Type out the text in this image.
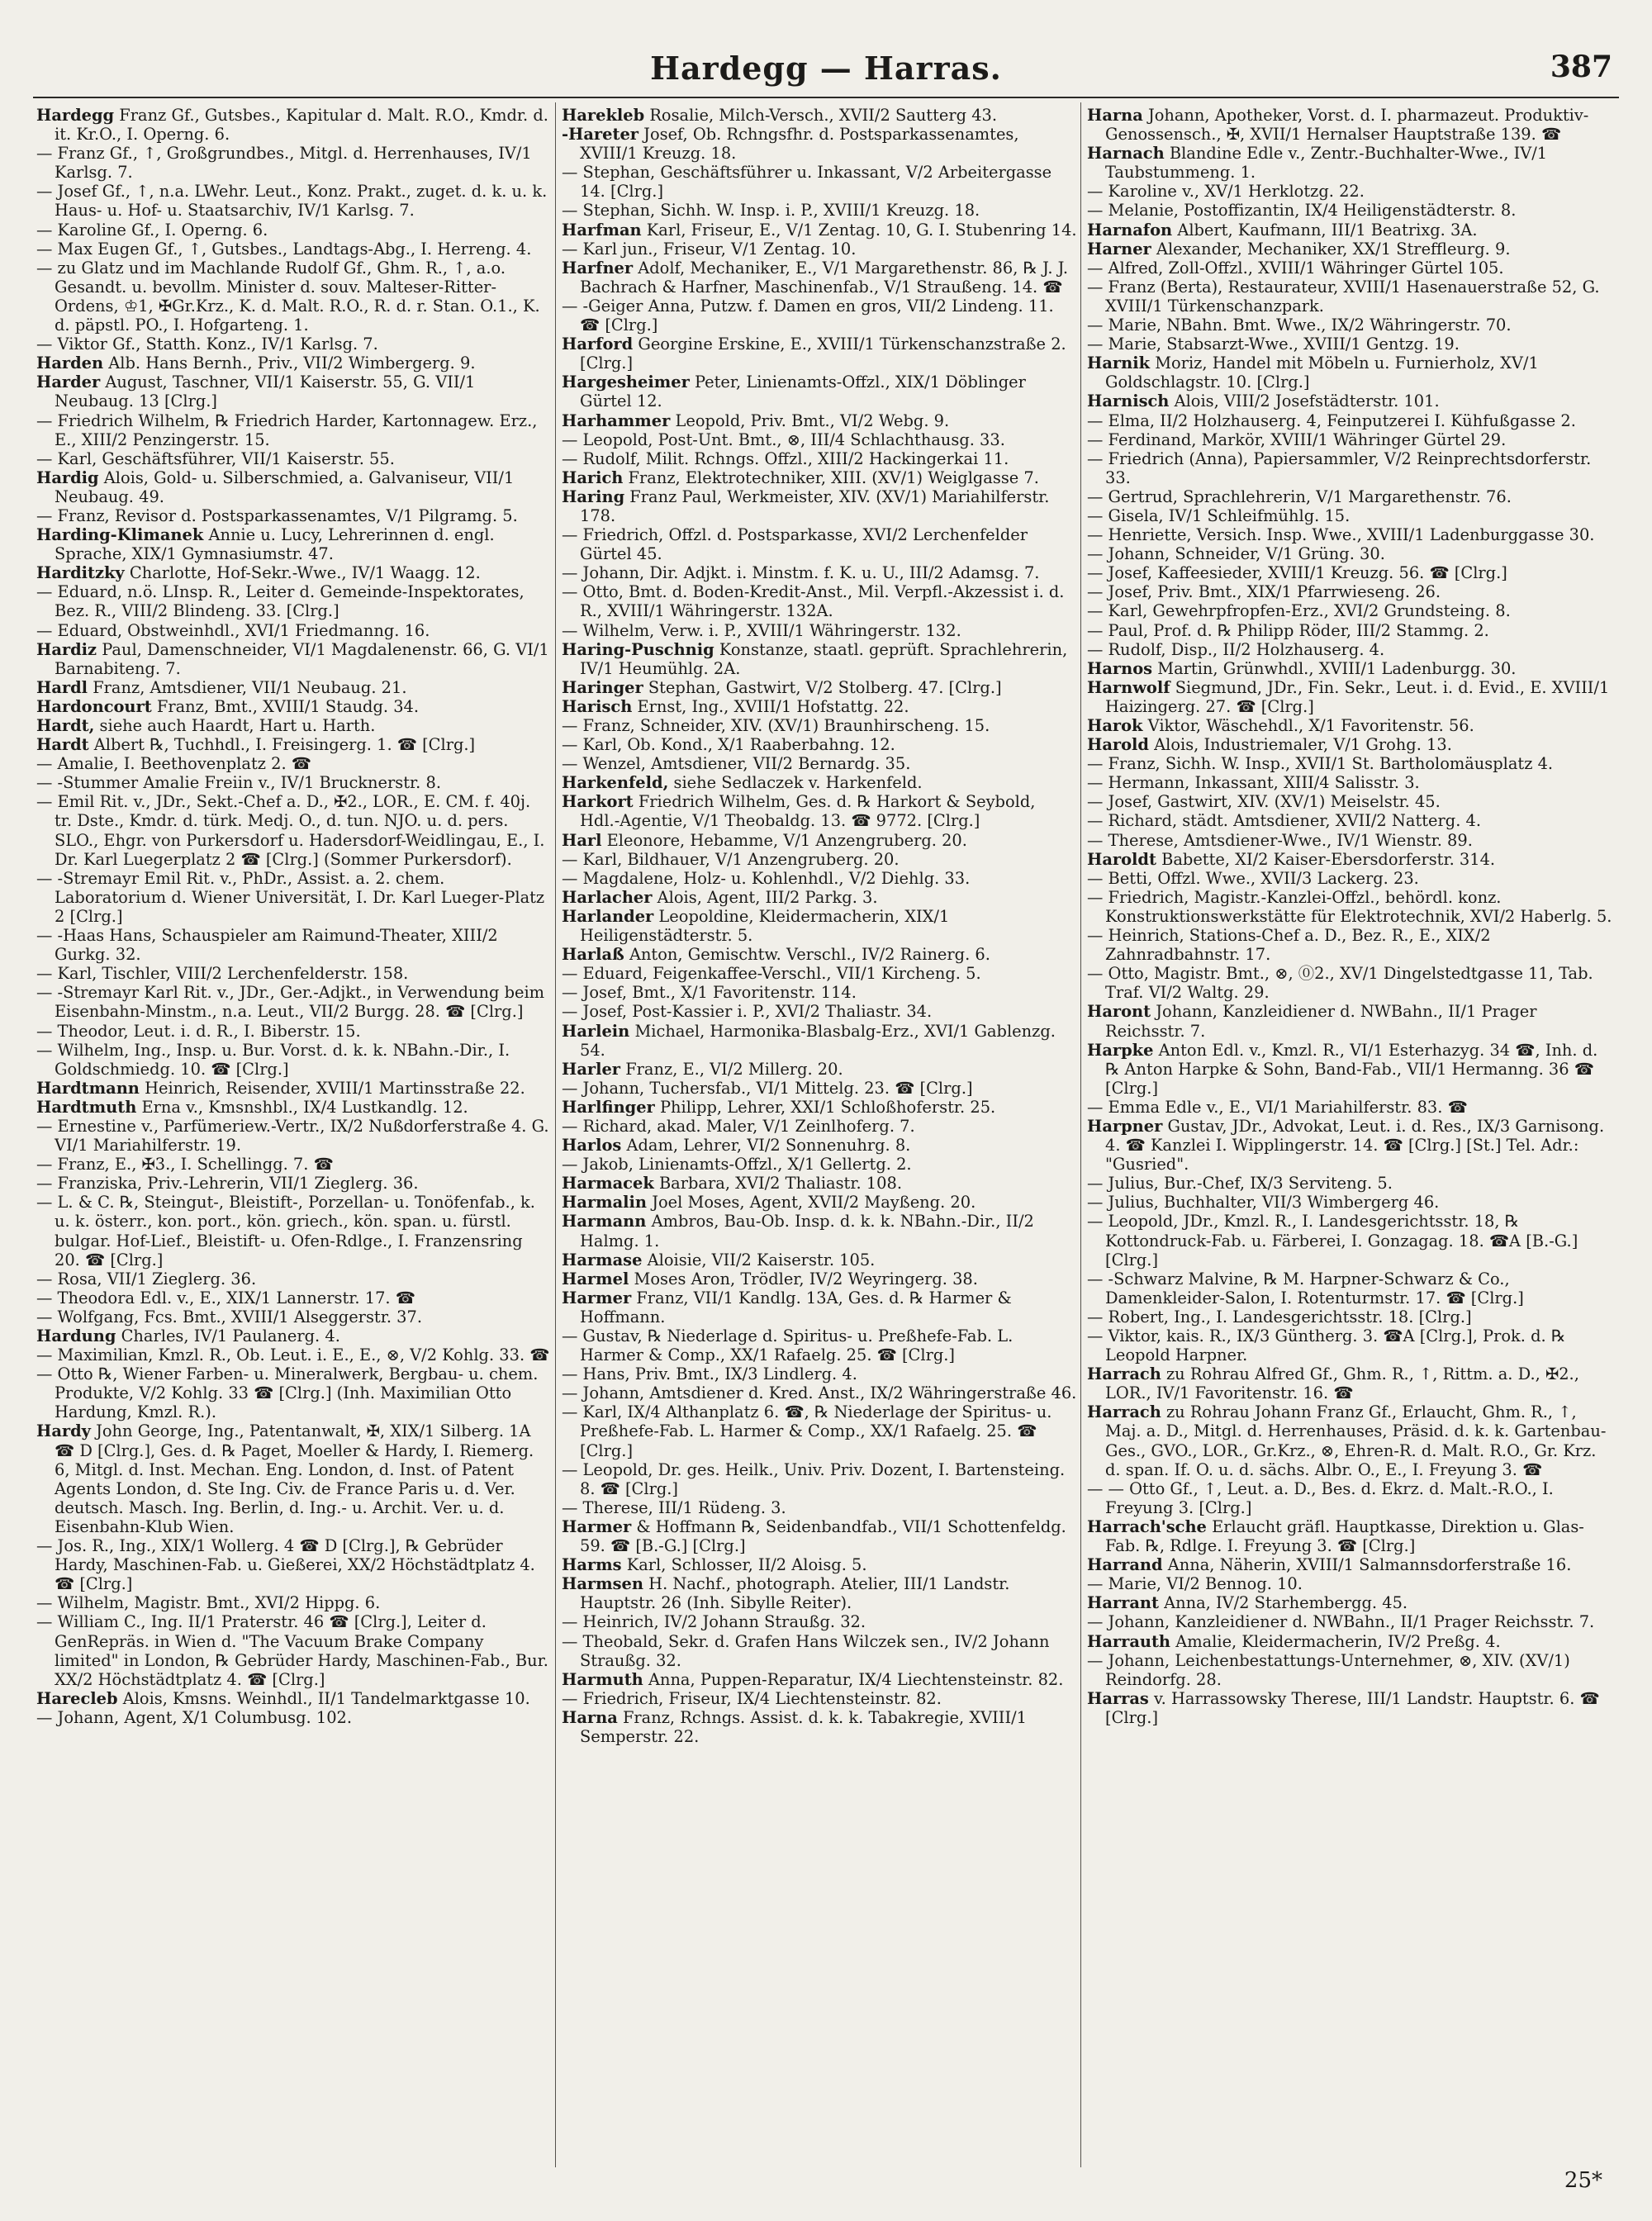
Hardegg — Harras.	387
Hardegg Franz Gf., Gutsbes., Kapitular d. Malt. R.O., Kmdr. d. it. Kr.O., I. Operng. 6.
— Franz Gf., ↑, Großgrundbes., Mitgl. d. Herrenhauses, IV/1 Karlsg. 7.
— Josef Gf., ↑, n.a. LWehr. Leut., Konz. Prakt., zuget. d. k. u. k. Haus- u. Hof- u. Staatsarchiv, IV/1 Karlsg. 7.
— Karoline Gf., I. Operng. 6.
— Max Eugen Gf., ↑, Gutsbes., Landtags-Abg., I. Herreng. 4.
— zu Glatz und im Machlande Rudolf Gf., Ghm. R., ↑, a.o. Gesandt. u. bevollm. Minister d. souv. Malteser-Ritter-Ordens, ♔1, ✠Gr.Krz., K. d. Malt. R.O., R. d. r. Stan. O.1., K. d. päpstl. PO., I. Hofgarteng. 1.
— Viktor Gf., Statth. Konz., IV/1 Karlsg. 7.
Harden Alb. Hans Bernh., Priv., VII/2 Wimbergerg. 9.
Harder August, Taschner, VII/1 Kaiserstr. 55, G. VII/1 Neubaug. 13 [Clrg.]
— Friedrich Wilhelm, ℞ Friedrich Harder, Kartonnagew. Erz., E., XIII/2 Penzingerstr. 15.
— Karl, Geschäftsführer, VII/1 Kaiserstr. 55.
Hardig Alois, Gold- u. Silberschmied, a. Galvaniseur, VII/1 Neubaug. 49.
— Franz, Revisor d. Postsparkassenamtes, V/1 Pilgramg. 5.
Harding-Klimanek Annie u. Lucy, Lehrerinnen d. engl. Sprache, XIX/1 Gymnasiumstr. 47.
Harditzky Charlotte, Hof-Sekr.-Wwe., IV/1 Waagg. 12.
— Eduard, n.ö. LInsp. R., Leiter d. Gemeinde-Inspektorates, Bez. R., VIII/2 Blindeng. 33. [Clrg.]
— Eduard, Obstweinhdl., XVI/1 Friedmanng. 16.
Hardiz Paul, Damenschneider, VI/1 Magdalenenstr. 66, G. VI/1 Barnabiteng. 7.
Hardl Franz, Amtsdiener, VII/1 Neubaug. 21.
Hardoncourt Franz, Bmt., XVIII/1 Staudg. 34.
Hardt, siehe auch Haardt, Hart u. Harth.
Hardt Albert ℞, Tuchhdl., I. Freisingerg. 1. ☎ [Clrg.]
— Amalie, I. Beethovenplatz 2. ☎
— -Stummer Amalie Freiin v., IV/1 Brucknerstr. 8.
— Emil Rit. v., JDr., Sekt.-Chef a. D., ✠2., LOR., E. CM. f. 40j. tr. Dste., Kmdr. d. türk. Medj. O., d. tun. NJO. u. d. pers. SLO., Ehgr. von Purkersdorf u. Hadersdorf-Weidlingau, E., I. Dr. Karl Luegerplatz 2 ☎ [Clrg.] (Sommer Purkersdorf).
— -Stremayr Emil Rit. v., PhDr., Assist. a. 2. chem. Laboratorium d. Wiener Universität, I. Dr. Karl Lueger-Platz 2 [Clrg.]
— -Haas Hans, Schauspieler am Raimund-Theater, XIII/2 Gurkg. 32.
— Karl, Tischler, VIII/2 Lerchenfelderstr. 158.
— -Stremayr Karl Rit. v., JDr., Ger.-Adjkt., in Verwendung beim Eisenbahn-Minstm., n.a. Leut., VII/2 Burgg. 28. ☎ [Clrg.]
— Theodor, Leut. i. d. R., I. Biberstr. 15.
— Wilhelm, Ing., Insp. u. Bur. Vorst. d. k. k. NBahn.-Dir., I. Goldschmiedg. 10. ☎ [Clrg.]
Hardtmann Heinrich, Reisender, XVIII/1 Martinsstraße 22.
Hardtmuth Erna v., Kmsnshbl., IX/4 Lustkandlg. 12.
— Ernestine v., Parfümeriew.-Vertr., IX/2 Nußdorferstraße 4. G. VI/1 Mariahilferstr. 19.
— Franz, E., ✠3., I. Schellingg. 7. ☎
— Franziska, Priv.-Lehrerin, VII/1 Zieglerg. 36.
— L. & C. ℞, Steingut-, Bleistift-, Porzellan- u. Tonöfenfab., k. u. k. österr., kon. port., kön. griech., kön. span. u. fürstl. bulgar. Hof-Lief., Bleistift- u. Ofen-Rdlge., I. Franzensring 20. ☎ [Clrg.]
— Rosa, VII/1 Zieglerg. 36.
— Theodora Edl. v., E., XIX/1 Lannerstr. 17. ☎
— Wolfgang, Fcs. Bmt., XVIII/1 Alseggerstr. 37.
Hardung Charles, IV/1 Paulanerg. 4.
— Maximilian, Kmzl. R., Ob. Leut. i. E., E., ⊗, V/2 Kohlg. 33. ☎
— Otto ℞, Wiener Farben- u. Mineralwerk, Bergbau- u. chem. Produkte, V/2 Kohlg. 33 ☎ [Clrg.] (Inh. Maximilian Otto Hardung, Kmzl. R.).
Hardy John George, Ing., Patentanwalt, ✠, XIX/1 Silberg. 1A ☎ D [Clrg.], Ges. d. ℞ Paget, Moeller & Hardy, I. Riemerg. 6, Mitgl. d. Inst. Mechan. Eng. London, d. Inst. of Patent Agents London, d. Ste Ing. Civ. de France Paris u. d. Ver. deutsch. Masch. Ing. Berlin, d. Ing.- u. Archit. Ver. u. d. Eisenbahn-Klub Wien.
— Jos. R., Ing., XIX/1 Wollerg. 4 ☎ D [Clrg.], ℞ Gebrüder Hardy, Maschinen-Fab. u. Gießerei, XX/2 Höchstädtplatz 4. ☎ [Clrg.]
— Wilhelm, Magistr. Bmt., XVI/2 Hippg. 6.
— William C., Ing. II/1 Praterstr. 46 ☎ [Clrg.], Leiter d. GenRepräs. in Wien d. "The Vacuum Brake Company limited" in London, ℞ Gebrüder Hardy, Maschinen-Fab., Bur. XX/2 Höchstädtplatz 4. ☎ [Clrg.]
Harecleb Alois, Kmsns. Weinhdl., II/1 Tandelmarktgasse 10.
— Johann, Agent, X/1 Columbusg. 102.
Harekleb Rosalie, Milch-Versch., XVII/2 Sautterg 43.
-Hareter Josef, Ob. Rchngsfhr. d. Postsparkassenamtes, XVIII/1 Kreuzg. 18.
— Stephan, Geschäftsführer u. Inkassant, V/2 Arbeitergasse 14. [Clrg.]
— Stephan, Sichh. W. Insp. i. P., XVIII/1 Kreuzg. 18.
Harfman Karl, Friseur, E., V/1 Zentag. 10, G. I. Stubenring 14.
— Karl jun., Friseur, V/1 Zentag. 10.
Harfner Adolf, Mechaniker, E., V/1 Margarethenstr. 86, ℞ J. J. Bachrach & Harfner, Maschinenfab., V/1 Straußeng. 14. ☎
— -Geiger Anna, Putzw. f. Damen en gros, VII/2 Lindeng. 11. ☎ [Clrg.]
Harford Georgine Erskine, E., XVIII/1 Türkenschanzstraße 2. [Clrg.]
Hargesheimer Peter, Linienamts-Offzl., XIX/1 Döblinger Gürtel 12.
Harhammer Leopold, Priv. Bmt., VI/2 Webg. 9.
— Leopold, Post-Unt. Bmt., ⊗, III/4 Schlachthausg. 33.
— Rudolf, Milit. Rchngs. Offzl., XIII/2 Hackingerkai 11.
Harich Franz, Elektrotechniker, XIII. (XV/1) Weiglgasse 7.
Haring Franz Paul, Werkmeister, XIV. (XV/1) Mariahilferstr. 178.
— Friedrich, Offzl. d. Postsparkasse, XVI/2 Lerchenfelder Gürtel 45.
— Johann, Dir. Adjkt. i. Minstm. f. K. u. U., III/2 Adamsg. 7.
— Otto, Bmt. d. Boden-Kredit-Anst., Mil. Verpfl.-Akzessist i. d. R., XVIII/1 Währingerstr. 132A.
— Wilhelm, Verw. i. P., XVIII/1 Währingerstr. 132.
Haring-Puschnig Konstanze, staatl. geprüft. Sprachlehrerin, IV/1 Heumühlg. 2A.
Haringer Stephan, Gastwirt, V/2 Stolberg. 47. [Clrg.]
Harisch Ernst, Ing., XVIII/1 Hofstattg. 22.
— Franz, Schneider, XIV. (XV/1) Braunhirscheng. 15.
— Karl, Ob. Kond., X/1 Raaberbahng. 12.
— Wenzel, Amtsdiener, VII/2 Bernardg. 35.
Harkenfeld, siehe Sedlaczek v. Harkenfeld.
Harkort Friedrich Wilhelm, Ges. d. ℞ Harkort & Seybold, Hdl.-Agentie, V/1 Theobaldg. 13. ☎ 9772. [Clrg.]
Harl Eleonore, Hebamme, V/1 Anzengruberg. 20.
— Karl, Bildhauer, V/1 Anzengruberg. 20.
— Magdalene, Holz- u. Kohlenhdl., V/2 Diehlg. 33.
Harlacher Alois, Agent, III/2 Parkg. 3.
Harlander Leopoldine, Kleidermacherin, XIX/1 Heiligenstädterstr. 5.
Harlaß Anton, Gemischtw. Verschl., IV/2 Rainerg. 6.
— Eduard, Feigenkaffee-Verschl., VII/1 Kircheng. 5.
— Josef, Bmt., X/1 Favoritenstr. 114.
— Josef, Post-Kassier i. P., XVI/2 Thaliastr. 34.
Harlein Michael, Harmonika-Blasbalg-Erz., XVI/1 Gablenzg. 54.
Harler Franz, E., VI/2 Millerg. 20.
— Johann, Tuchersfab., VI/1 Mittelg. 23. ☎ [Clrg.]
Harlfinger Philipp, Lehrer, XXI/1 Schloßhoferstr. 25.
— Richard, akad. Maler, V/1 Zeinlhoferg. 7.
Harlos Adam, Lehrer, VI/2 Sonnenuhrg. 8.
— Jakob, Linienamts-Offzl., X/1 Gellertg. 2.
Harmacek Barbara, XVI/2 Thaliastr. 108.
Harmalin Joel Moses, Agent, XVII/2 Mayßeng. 20.
Harmann Ambros, Bau-Ob. Insp. d. k. k. NBahn.-Dir., II/2 Halmg. 1.
Harmase Aloisie, VII/2 Kaiserstr. 105.
Harmel Moses Aron, Trödler, IV/2 Weyringerg. 38.
Harmer Franz, VII/1 Kandlg. 13A, Ges. d. ℞ Harmer & Hoffmann.
— Gustav, ℞ Niederlage d. Spiritus- u. Preßhefe-Fab. L. Harmer & Comp., XX/1 Rafaelg. 25. ☎ [Clrg.]
— Hans, Priv. Bmt., IX/3 Lindlerg. 4.
— Johann, Amtsdiener d. Kred. Anst., IX/2 Währingerstraße 46.
— Karl, IX/4 Althanplatz 6. ☎, ℞ Niederlage der Spiritus- u. Preßhefe-Fab. L. Harmer & Comp., XX/1 Rafaelg. 25. ☎ [Clrg.]
— Leopold, Dr. ges. Heilk., Univ. Priv. Dozent, I. Bartensteing. 8. ☎ [Clrg.]
— Therese, III/1 Rüdeng. 3.
Harmer & Hoffmann ℞, Seidenbandfab., VII/1 Schottenfeldg. 59. ☎ [B.-G.] [Clrg.]
Harms Karl, Schlosser, II/2 Aloisg. 5.
Harmsen H. Nachf., photograph. Atelier, III/1 Landstr. Hauptstr. 26 (Inh. Sibylle Reiter).
— Heinrich, IV/2 Johann Straußg. 32.
— Theobald, Sekr. d. Grafen Hans Wilczek sen., IV/2 Johann Straußg. 32.
Harmuth Anna, Puppen-Reparatur, IX/4 Liechtensteinstr. 82.
— Friedrich, Friseur, IX/4 Liechtensteinstr. 82.
Harna Franz, Rchngs. Assist. d. k. k. Tabakregie, XVIII/1 Semperstr. 22.
Harna Johann, Apotheker, Vorst. d. I. pharmazeut. Produktiv-Genossensch., ✠, XVII/1 Hernalser Hauptstraße 139. ☎
Harnach Blandine Edle v., Zentr.-Buchhalter-Wwe., IV/1 Taubstummeng. 1.
— Karoline v., XV/1 Herklotzg. 22.
— Melanie, Postoffizantin, IX/4 Heiligenstädterstr. 8.
Harnafon Albert, Kaufmann, III/1 Beatrixg. 3A.
Harner Alexander, Mechaniker, XX/1 Streffleurg. 9.
— Alfred, Zoll-Offzl., XVIII/1 Währinger Gürtel 105.
— Franz (Berta), Restaurateur, XVIII/1 Hasenauerstraße 52, G. XVIII/1 Türkenschanzpark.
— Marie, NBahn. Bmt. Wwe., IX/2 Währingerstr. 70.
— Marie, Stabsarzt-Wwe., XVIII/1 Gentzg. 19.
Harnik Moriz, Handel mit Möbeln u. Furnierholz, XV/1 Goldschlagstr. 10. [Clrg.]
Harnisch Alois, VIII/2 Josefstädterstr. 101.
— Elma, II/2 Holzhauserg. 4, Feinputzerei I. Kühfußgasse 2.
— Ferdinand, Markör, XVIII/1 Währinger Gürtel 29.
— Friedrich (Anna), Papiersammler, V/2 Reinprechtsdorferstr. 33.
— Gertrud, Sprachlehrerin, V/1 Margarethenstr. 76.
— Gisela, IV/1 Schleifmühlg. 15.
— Henriette, Versich. Insp. Wwe., XVIII/1 Ladenburggasse 30.
— Johann, Schneider, V/1 Grüng. 30.
— Josef, Kaffeesieder, XVIII/1 Kreuzg. 56. ☎ [Clrg.]
— Josef, Priv. Bmt., XIX/1 Pfarrwieseng. 26.
— Karl, Gewehrpfropfen-Erz., XVI/2 Grundsteing. 8.
— Paul, Prof. d. ℞ Philipp Röder, III/2 Stammg. 2.
— Rudolf, Disp., II/2 Holzhauserg. 4.
Harnos Martin, Grünwhdl., XVIII/1 Ladenburgg. 30.
Harnwolf Siegmund, JDr., Fin. Sekr., Leut. i. d. Evid., E. XVIII/1 Haizingerg. 27. ☎ [Clrg.]
Harok Viktor, Wäschehdl., X/1 Favoritenstr. 56.
Harold Alois, Industriemaler, V/1 Grohg. 13.
— Franz, Sichh. W. Insp., XVII/1 St. Bartholomäusplatz 4.
— Hermann, Inkassant, XIII/4 Salisstr. 3.
— Josef, Gastwirt, XIV. (XV/1) Meiselstr. 45.
— Richard, städt. Amtsdiener, XVII/2 Natterg. 4.
— Therese, Amtsdiener-Wwe., IV/1 Wienstr. 89.
Haroldt Babette, XI/2 Kaiser-Ebersdorferstr. 314.
— Betti, Offzl. Wwe., XVII/3 Lackerg. 23.
— Friedrich, Magistr.-Kanzlei-Offzl., behördl. konz. Konstruktionswerkstätte für Elektrotechnik, XVI/2 Haberlg. 5.
— Heinrich, Stations-Chef a. D., Bez. R., E., XIX/2 Zahnradbahnstr. 17.
— Otto, Magistr. Bmt., ⊗, ⓪2., XV/1 Dingelstedtgasse 11, Tab. Traf. VI/2 Waltg. 29.
Haront Johann, Kanzleidiener d. NWBahn., II/1 Prager Reichsstr. 7.
Harpke Anton Edl. v., Kmzl. R., VI/1 Esterhazyg. 34 ☎, Inh. d. ℞ Anton Harpke & Sohn, Band-Fab., VII/1 Hermanng. 36 ☎ [Clrg.]
— Emma Edle v., E., VI/1 Mariahilferstr. 83. ☎
Harpner Gustav, JDr., Advokat, Leut. i. d. Res., IX/3 Garnisong. 4. ☎ Kanzlei I. Wipplingerstr. 14. ☎ [Clrg.] [St.] Tel. Adr.: "Gusried".
— Julius, Bur.-Chef, IX/3 Serviteng. 5.
— Julius, Buchhalter, VII/3 Wimbergerg 46.
— Leopold, JDr., Kmzl. R., I. Landesgerichtsstr. 18, ℞ Kottondruck-Fab. u. Färberei, I. Gonzagag. 18. ☎A [B.-G.] [Clrg.]
— -Schwarz Malvine, ℞ M. Harpner-Schwarz & Co., Damenkleider-Salon, I. Rotenturmstr. 17. ☎ [Clrg.]
— Robert, Ing., I. Landesgerichtsstr. 18. [Clrg.]
— Viktor, kais. R., IX/3 Güntherg. 3. ☎A [Clrg.], Prok. d. ℞ Leopold Harpner.
Harrach zu Rohrau Alfred Gf., Ghm. R., ↑, Rittm. a. D., ✠2., LOR., IV/1 Favoritenstr. 16. ☎
Harrach zu Rohrau Johann Franz Gf., Erlaucht, Ghm. R., ↑, Maj. a. D., Mitgl. d. Herrenhauses, Präsid. d. k. k. Gartenbau-Ges., GVO., LOR., Gr.Krz., ⊗, Ehren-R. d. Malt. R.O., Gr. Krz. d. span. If. O. u. d. sächs. Albr. O., E., I. Freyung 3. ☎
— — Otto Gf., ↑, Leut. a. D., Bes. d. Ekrz. d. Malt.-R.O., I. Freyung 3. [Clrg.]
Harrach'sche Erlaucht gräfl. Hauptkasse, Direktion u. Glas-Fab. ℞, Rdlge. I. Freyung 3. ☎ [Clrg.]
Harrand Anna, Näherin, XVIII/1 Salmannsdorferstraße 16.
— Marie, VI/2 Bennog. 10.
Harrant Anna, IV/2 Starhembergg. 45.
— Johann, Kanzleidiener d. NWBahn., II/1 Prager Reichsstr. 7.
Harrauth Amalie, Kleidermacherin, IV/2 Preßg. 4.
— Johann, Leichenbestattungs-Unternehmer, ⊗, XIV. (XV/1) Reindorfg. 28.
Harras v. Harrassowsky Therese, III/1 Landstr. Hauptstr. 6. ☎ [Clrg.]
25*
